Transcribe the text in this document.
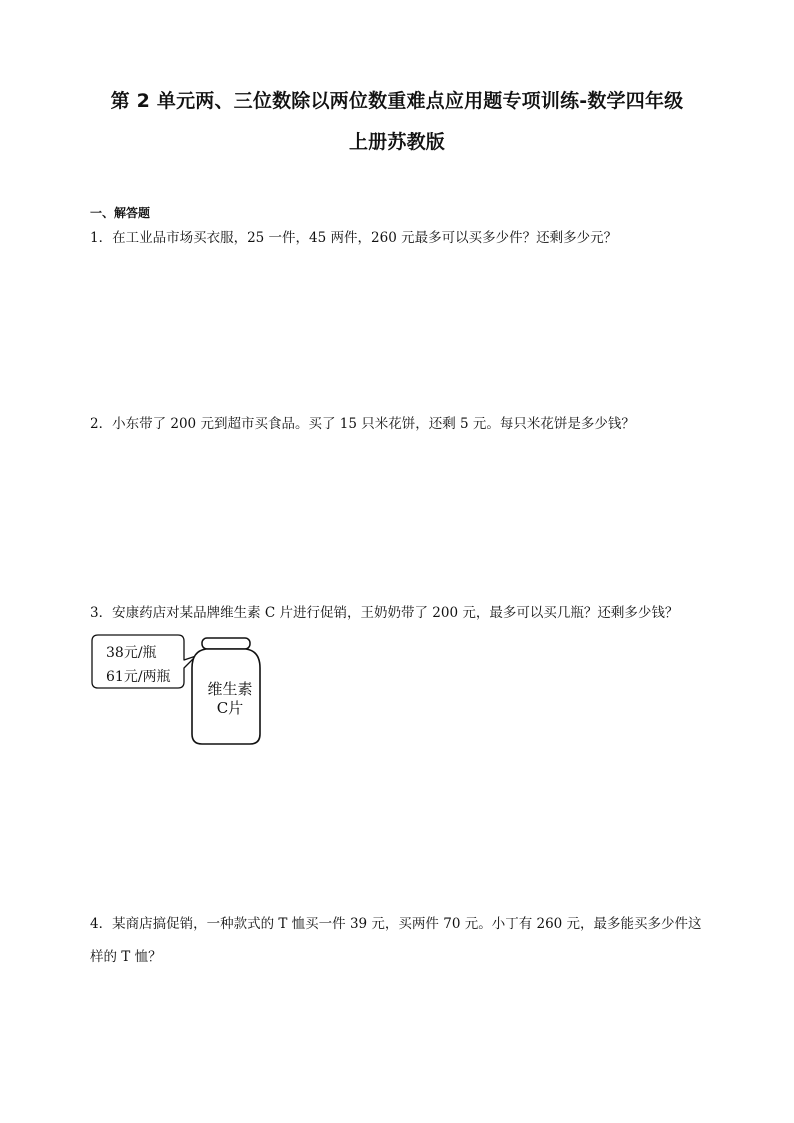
第 2 单元两、三位数除以两位数重难点应用题专项训练-数学四年级
上册苏教版
一、解答题
1．在工业品市场买衣服，25 一件，45 两件，260 元最多可以买多少件？还剩多少元？
2．小东带了 200 元到超市买食品。买了 15 只米花饼，还剩 5 元。每只米花饼是多少钱？
3．安康药店对某品牌维生素 C 片进行促销，王奶奶带了 200 元，最多可以买几瓶？还剩多少钱？
38元/瓶
61元/两瓶
维生素
C片
4．某商店搞促销，一种款式的 T 恤买一件 39 元，买两件 70 元。小丁有 260 元，最多能买多少件这样的 T 恤？
